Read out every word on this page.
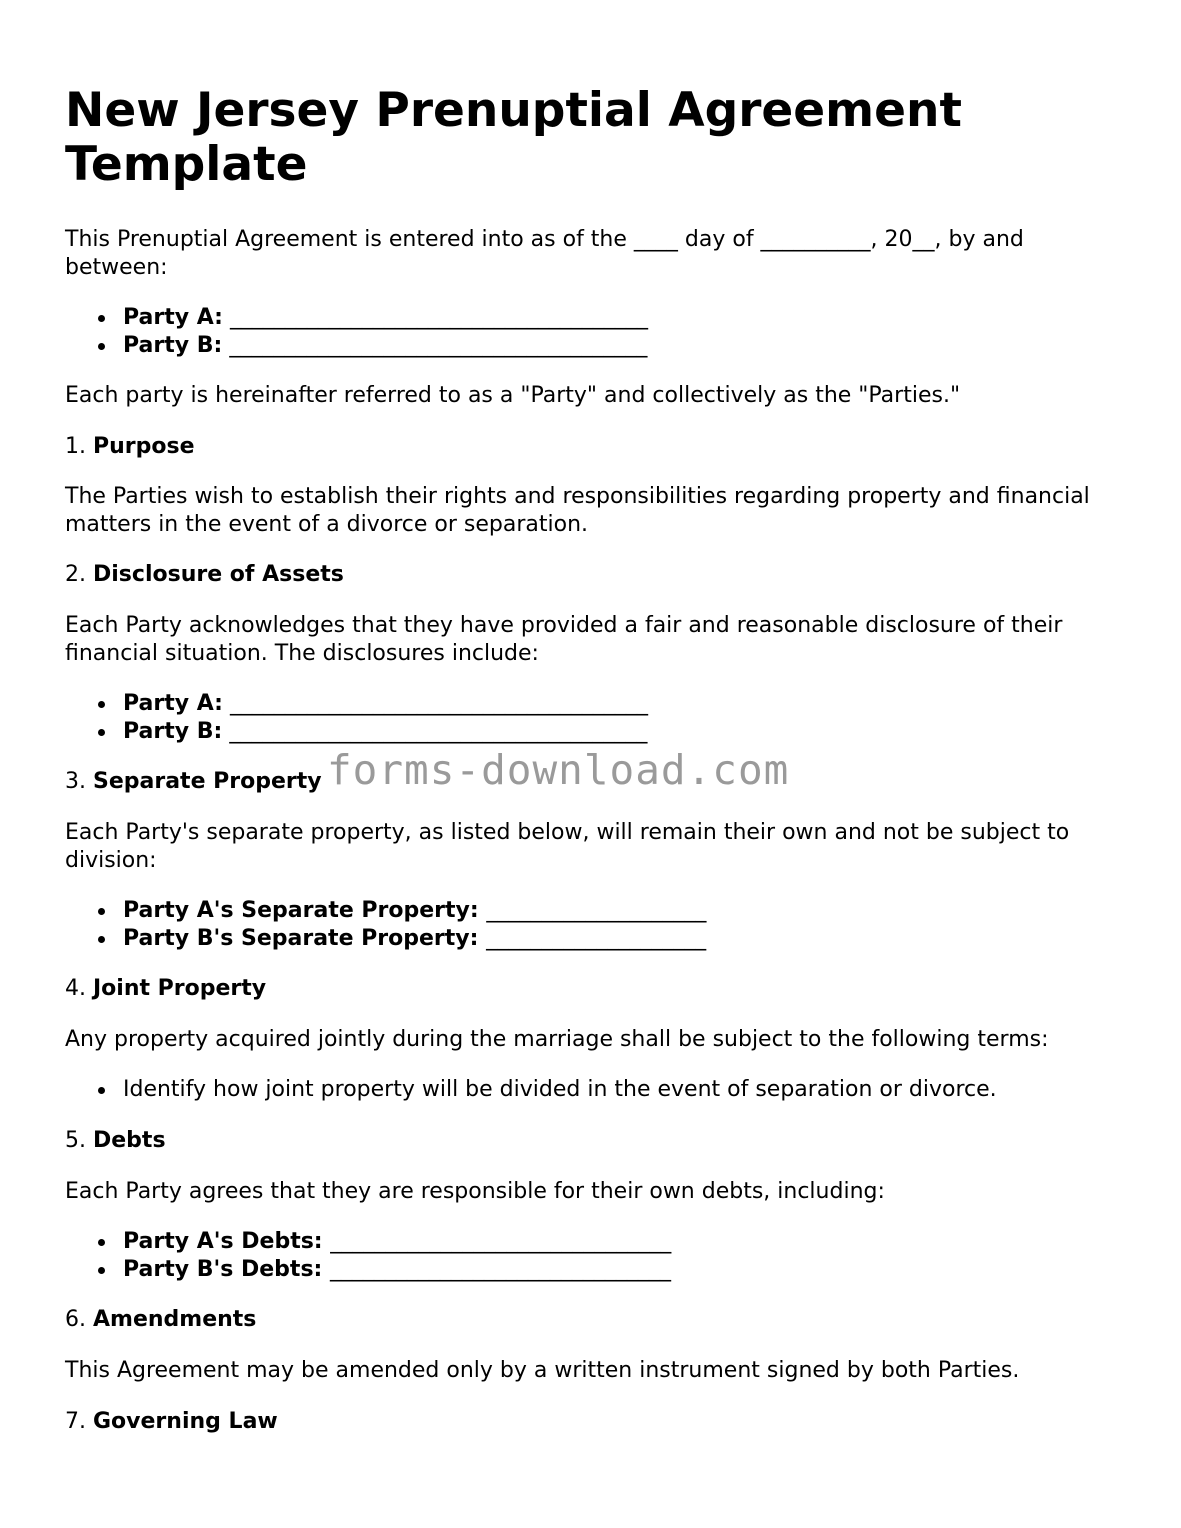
New Jersey Prenuptial Agreement Template

This Prenuptial Agreement is entered into as of the ____ day of __________, 20__, by and between:

Party A: ______________________________________
Party B: ______________________________________

Each party is hereinafter referred to as a "Party" and collectively as the "Parties."

1. Purpose

The Parties wish to establish their rights and responsibilities regarding property and financial matters in the event of a divorce or separation.

2. Disclosure of Assets

Each Party acknowledges that they have provided a fair and reasonable disclosure of their financial situation. The disclosures include:

Party A: ______________________________________
Party B: ______________________________________

3. Separate Property

Each Party's separate property, as listed below, will remain their own and not be subject to division:

Party A's Separate Property: ____________________
Party B's Separate Property: ____________________

4. Joint Property

Any property acquired jointly during the marriage shall be subject to the following terms:

Identify how joint property will be divided in the event of separation or divorce.

5. Debts

Each Party agrees that they are responsible for their own debts, including:

Party A's Debts: _______________________________
Party B's Debts: _______________________________

6. Amendments

This Agreement may be amended only by a written instrument signed by both Parties.

7. Governing Law

forms-download.com
